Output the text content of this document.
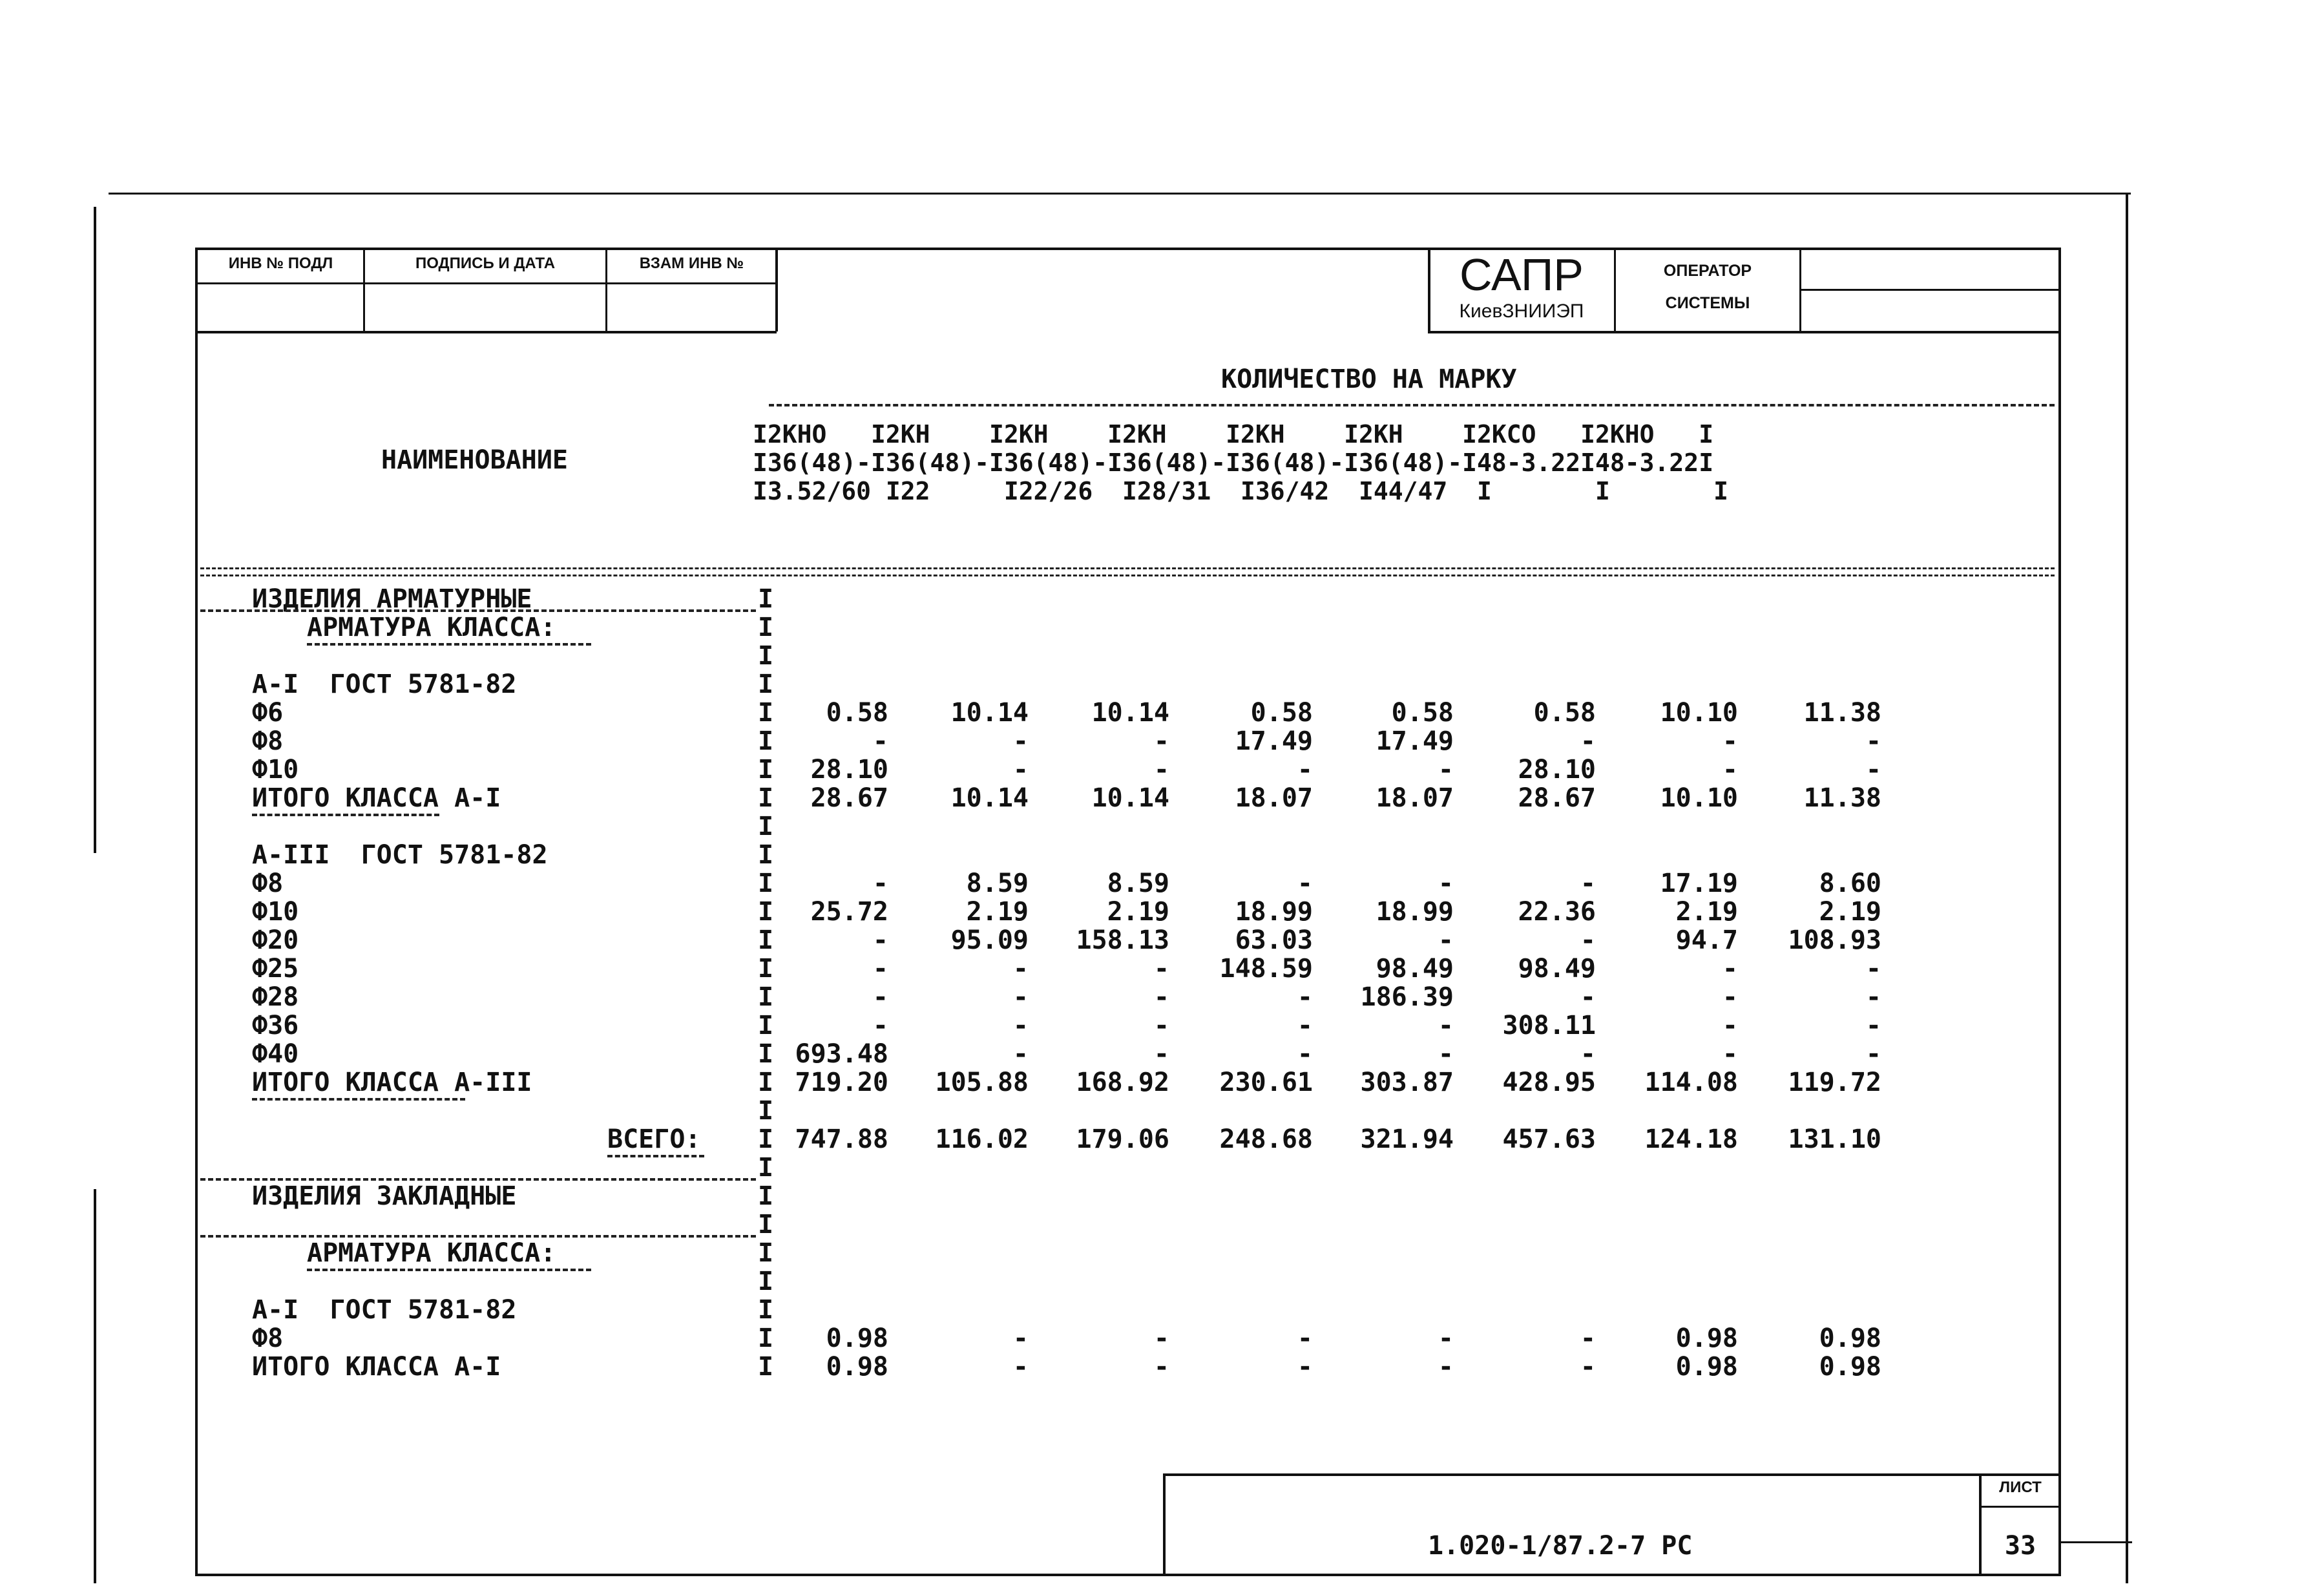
ИНВ № ПОДЛ	ПОДПИСЬ И ДАТА	ВЗАМ ИНВ №	САПР
КиевЗНИИЭП
ОПЕРАТОР
СИСТЕМЫ
НАИМЕНОВАНИЕ
КОЛИЧЕСТВО НА МАРКУ
I2КНО   I2КН    I2КН    I2КН    I2КН    I2КН    I2КСО   I2КНО   I
I36(48)-I36(48)-I36(48)-I36(48)-I36(48)-I36(48)-I48-3.22I48-3.22I
I3.52/60 I22     I22/26  I28/31  I36/42  I44/47  I       I       I
I
ИЗДЕЛИЯ АРМАТУРНЫЕ
I
АРМАТУРА КЛАССА:
I
I
А-I  ГОСТ 5781-82
I
Ф6	0.58	10.14	10.14	0.58	0.58	0.58	10.10	11.38
I
Ф8	-	-	-	17.49	17.49	-	-	-
I
Ф10	28.10	-	-	-	-	28.10	-	-
I
ИТОГО КЛАССА А-I	28.67	10.14	10.14	18.07	18.07	28.67	10.10	11.38
I
I
А-III  ГОСТ 5781-82
I
Ф8	-	8.59	8.59	-	-	-	17.19	8.60
I
Ф10	25.72	2.19	2.19	18.99	18.99	22.36	2.19	2.19
I
Ф20	-	95.09	158.13	63.03	-	-	94.7	108.93
I
Ф25	-	-	-	148.59	98.49	98.49	-	-
I
Ф28	-	-	-	-	186.39	-	-	-
I
Ф36	-	-	-	-	-	308.11	-	-
I
Ф40	693.48	-	-	-	-	-	-	-
I
ИТОГО КЛАССА А-III	719.20	105.88	168.92	230.61	303.87	428.95	114.08	119.72
I
I
ВСЕГО:	747.88	116.02	179.06	248.68	321.94	457.63	124.18	131.10
I
I
ИЗДЕЛИЯ ЗАКЛАДНЫЕ
I
I
АРМАТУРА КЛАССА:
I
I
А-I  ГОСТ 5781-82
I
Ф8	0.98	-	-	-	-	-	0.98	0.98
I
ИТОГО КЛАССА А-I	0.98	-	-	-	-	-	0.98	0.98
1.020-1/87.2-7 РС
ЛИСТ
33
